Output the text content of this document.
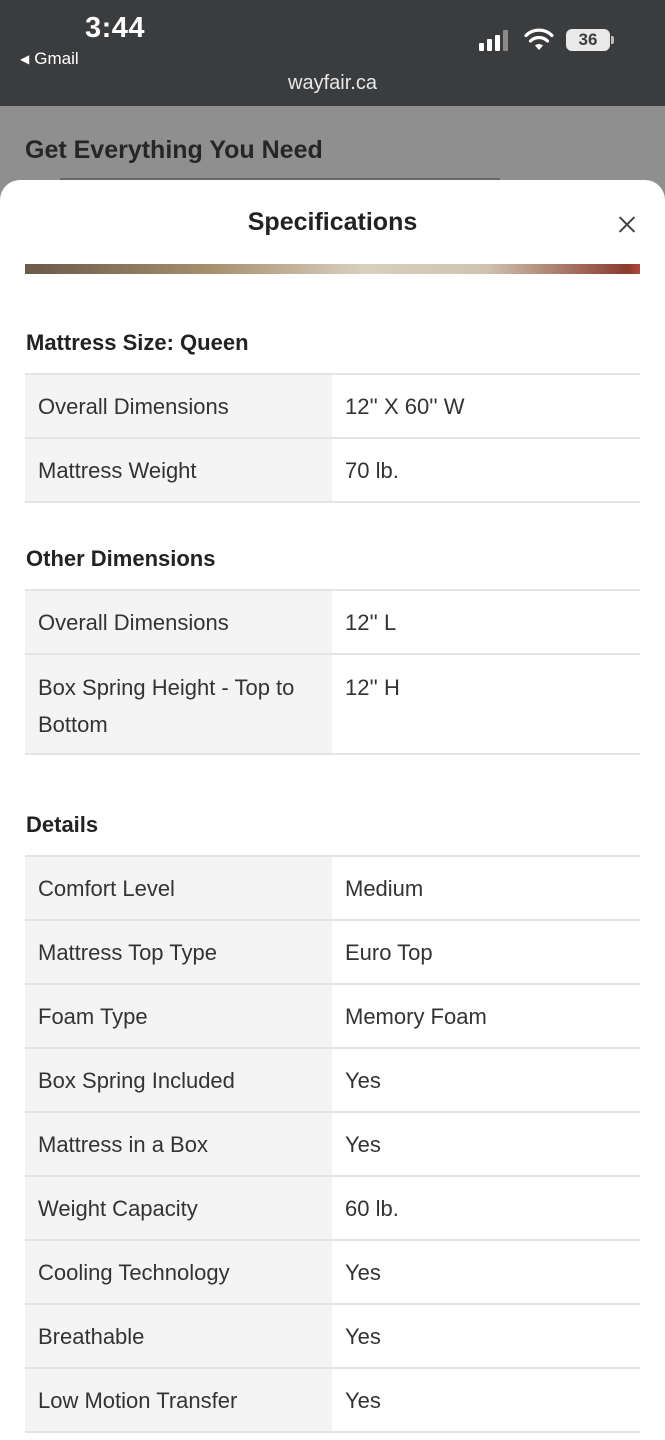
3:44
◀ Gmail
wayfair.ca
36
Get Everything You Need
Specifications
Mattress Size: Queen
Overall Dimensions	12'' X 60'' W
Mattress Weight	70 lb.
Other Dimensions
Overall Dimensions	12'' L
Box Spring Height - Top to Bottom	12'' H
Details
Comfort Level	Medium
Mattress Top Type	Euro Top
Foam Type	Memory Foam
Box Spring Included	Yes
Mattress in a Box	Yes
Weight Capacity	60 lb.
Cooling Technology	Yes
Breathable	Yes
Low Motion Transfer	Yes
